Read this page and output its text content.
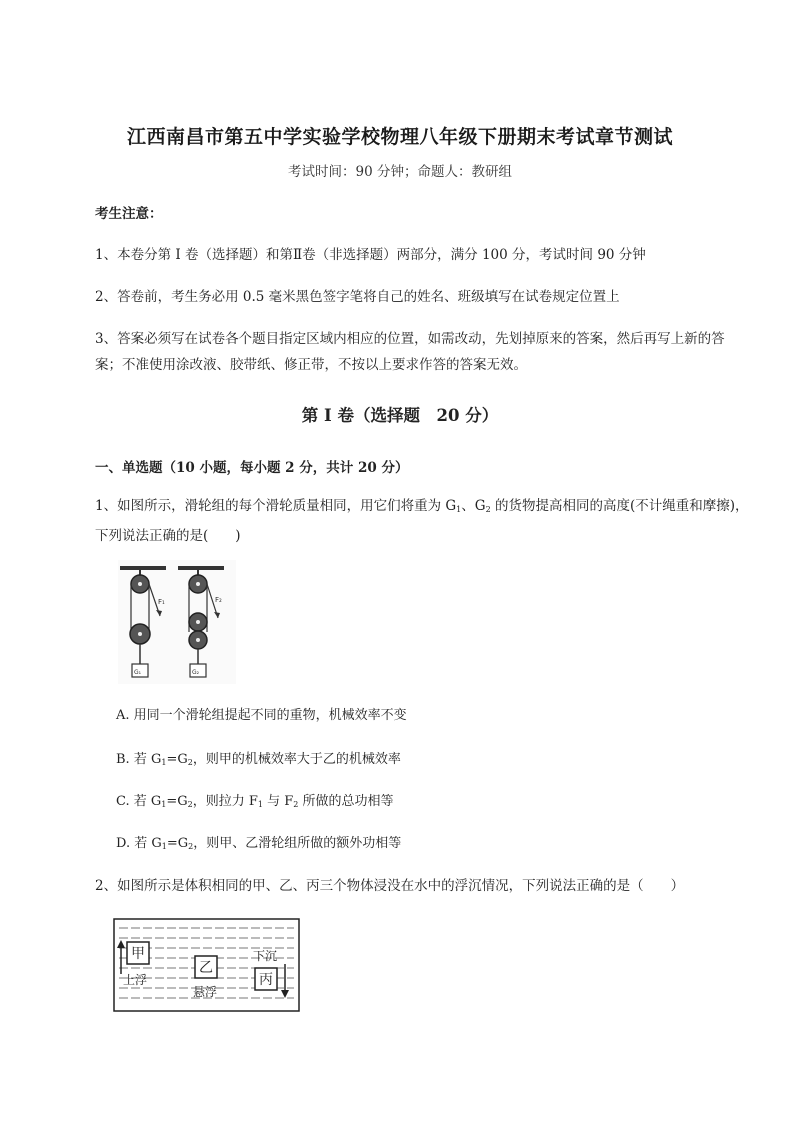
江西南昌市第五中学实验学校物理八年级下册期末考试章节测试
考试时间：90 分钟；命题人：教研组
考生注意：
1、本卷分第 I 卷（选择题）和第Ⅱ卷（非选择题）两部分，满分 100 分，考试时间 90 分钟
2、答卷前，考生务必用 0.5 毫米黑色签字笔将自己的姓名、班级填写在试卷规定位置上
3、答案必须写在试卷各个题目指定区域内相应的位置，如需改动，先划掉原来的答案，然后再写上新的答案；不准使用涂改液、胶带纸、修正带，不按以上要求作答的答案无效。
第 I 卷（选择题　20 分）
一、单选题（10 小题，每小题 2 分，共计 20 分）
1、如图所示，滑轮组的每个滑轮质量相同，用它们将重为 $G_1$、$G_2$ 的货物提高相同的高度(不计绳重和摩擦)，下列说法正确的是(　　)
F₁
G₁
F₂
G₂
A. 用同一个滑轮组提起不同的重物，机械效率不变
B. 若 $G_1=G_2$，则甲的机械效率大于乙的机械效率
C. 若 $G_1=G_2$，则拉力 $F_1$ 与 $F_2$ 所做的总功相等
D. 若 $G_1=G_2$，则甲、乙滑轮组所做的额外功相等
2、如图所示是体积相同的甲、乙、丙三个物体浸没在水中的浮沉情况，下列说法正确的是（　　）
甲
上浮
乙
悬浮
下沉
丙
